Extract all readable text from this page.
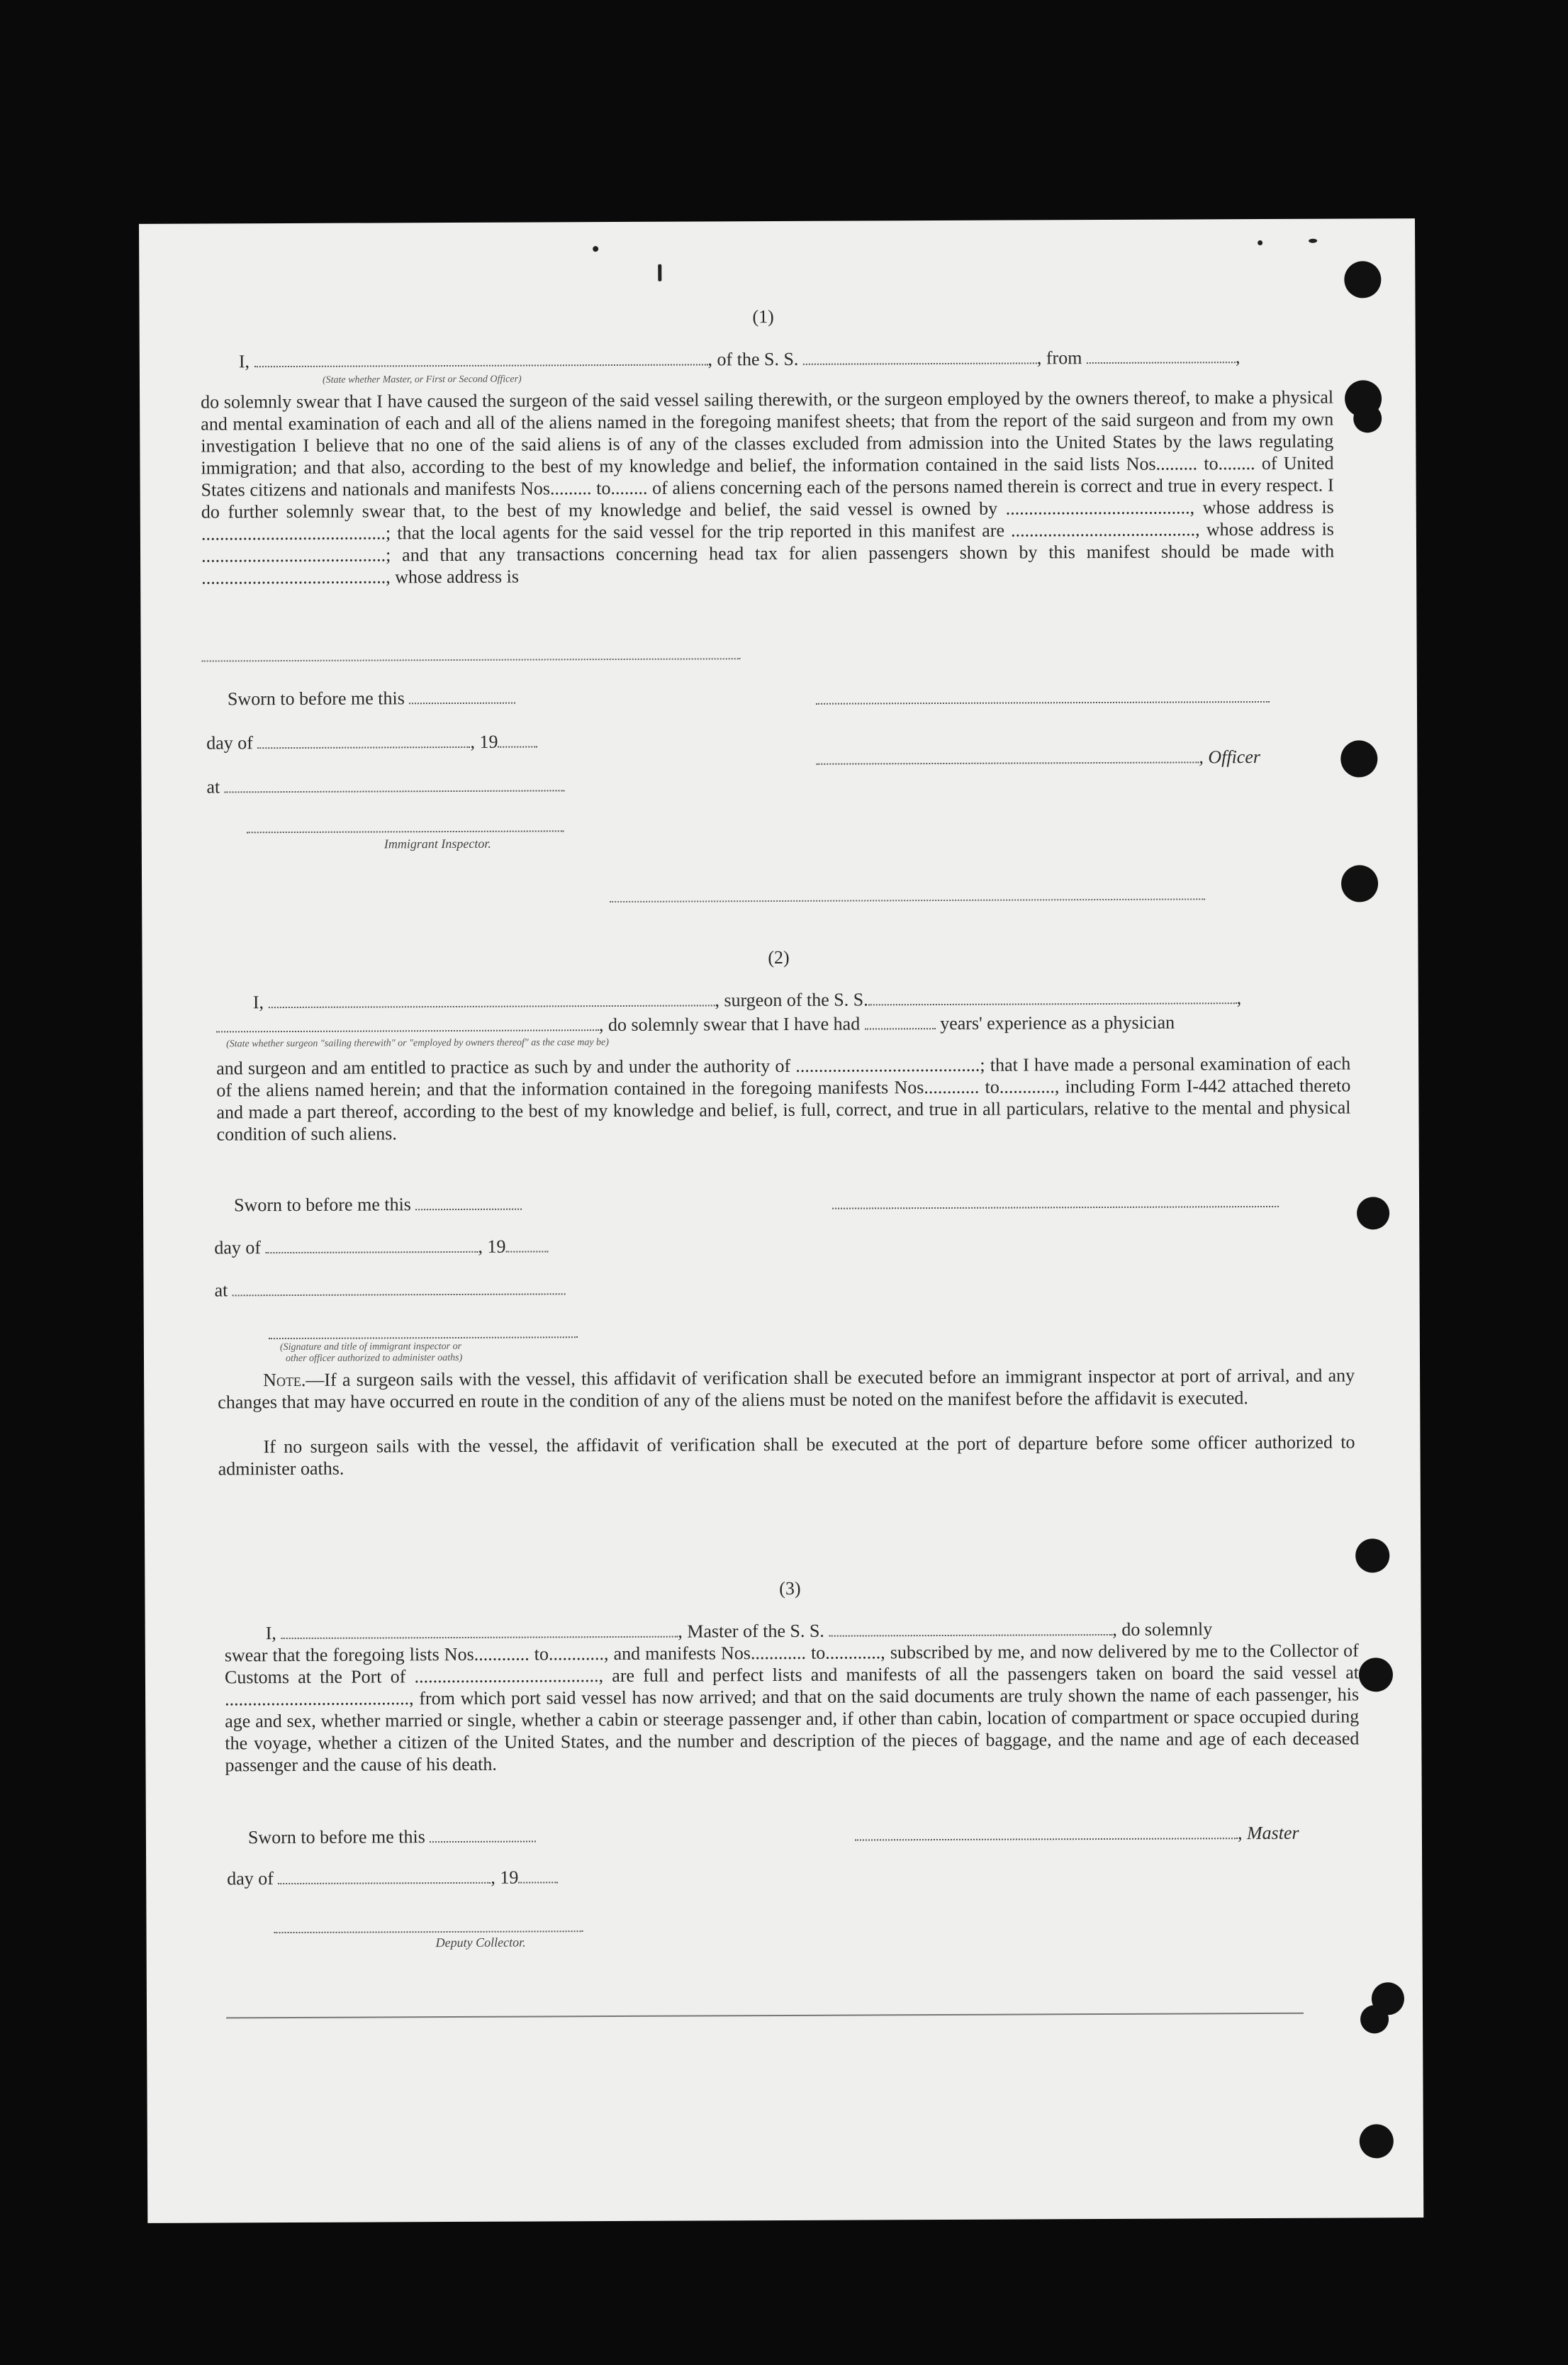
(1)
I,	, of the S. S.	, from	,
(State whether Master, or First or Second Officer)
do solemnly swear that I have caused the surgeon of the said vessel sailing therewith, or the surgeon employed by the owners thereof, to make a physical and mental examination of each and all of the aliens named in the foregoing manifest sheets; that from the report of the said surgeon and from my own investigation I believe that no one of the said aliens is of any of the classes excluded from admission into the United States by the laws regulating immigration; and that also, according to the best of my knowledge and belief, the information contained in the said lists Nos......... to........ of United States citizens and nationals and manifests Nos......... to........ of aliens concerning each of the persons named therein is correct and true in every respect. I do further solemnly swear that, to the best of my knowledge and belief, the said vessel is owned by ........................................, whose address is ........................................; that the local agents for the said vessel for the trip reported in this manifest are ........................................, whose address is ........................................; and that any transactions concerning head tax for alien passengers shown by this manifest should be made with ........................................, whose address is
Sworn to before me this
day of	, 19
, Officer
at
Immigrant Inspector.
(2)
I,	, surgeon of the S. S.	,
, do solemnly swear that I have had	years' experience as a physician
(State whether surgeon "sailing therewith" or "employed by owners thereof" as the case may be)
and surgeon and am entitled to practice as such by and under the authority of ........................................; that I have made a personal examination of each of the aliens named herein; and that the information contained in the foregoing manifests Nos............ to............, including Form I-442 attached thereto and made a part thereof, according to the best of my knowledge and belief, is full, correct, and true in all particulars, relative to the mental and physical condition of such aliens.
Sworn to before me this
day of	, 19
at
(Signature and title of immigrant inspector or
other officer authorized to administer oaths)
Note.—If a surgeon sails with the vessel, this affidavit of verification shall be executed before an immigrant inspector at port of arrival, and any changes that may have occurred en route in the condition of any of the aliens must be noted on the manifest before the affidavit is executed.
If no surgeon sails with the vessel, the affidavit of verification shall be executed at the port of departure before some officer authorized to administer oaths.
(3)
I,	, Master of the S. S.	, do solemnly
swear that the foregoing lists Nos............ to............, and manifests Nos............ to............, subscribed by me, and now delivered by me to the Collector of Customs at the Port of ........................................, are full and perfect lists and manifests of all the passengers taken on board the said vessel at ........................................, from which port said vessel has now arrived; and that on the said documents are truly shown the name of each passenger, his age and sex, whether married or single, whether a cabin or steerage passenger and, if other than cabin, location of compartment or space occupied during the voyage, whether a citizen of the United States, and the number and description of the pieces of baggage, and the name and age of each deceased passenger and the cause of his death.
Sworn to before me this	, Master
day of	, 19
Deputy Collector.
